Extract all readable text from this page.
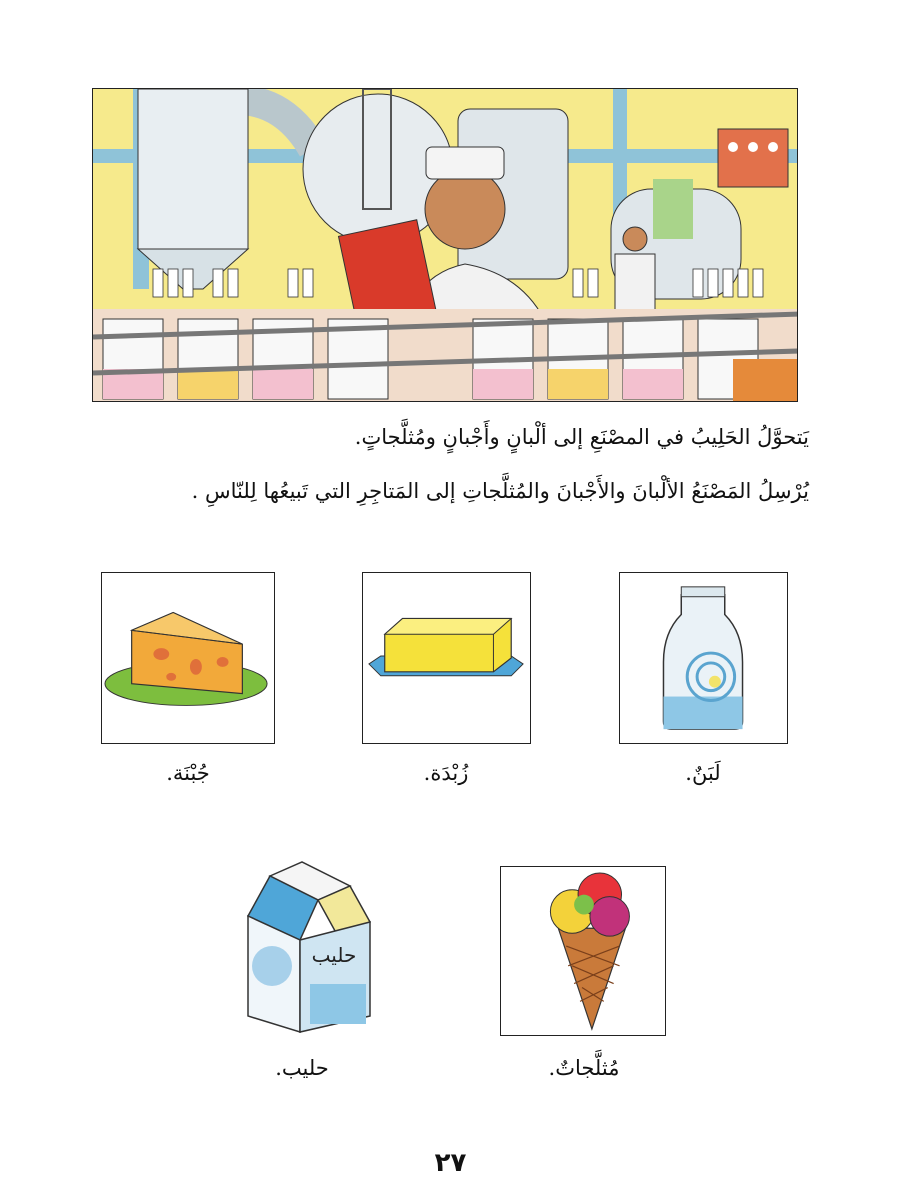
يَتحوَّلُ الحَلِيبُ في المصْنَعِ إلى ألْبانٍ وأَجْبانٍ ومُثلَّجاتٍ.
يُرْسِلُ المَصْنَعُ الألْبانَ والأَجْبانَ والمُثلَّجاتِ إلى المَتاجِرِ التي تَبيعُها لِلنّاسِ .
لَبَنٌ.
زُبْدَة.
جُبْنَة.
حليب
مُثلَّجاتٌ.
حليب.
٢٧
